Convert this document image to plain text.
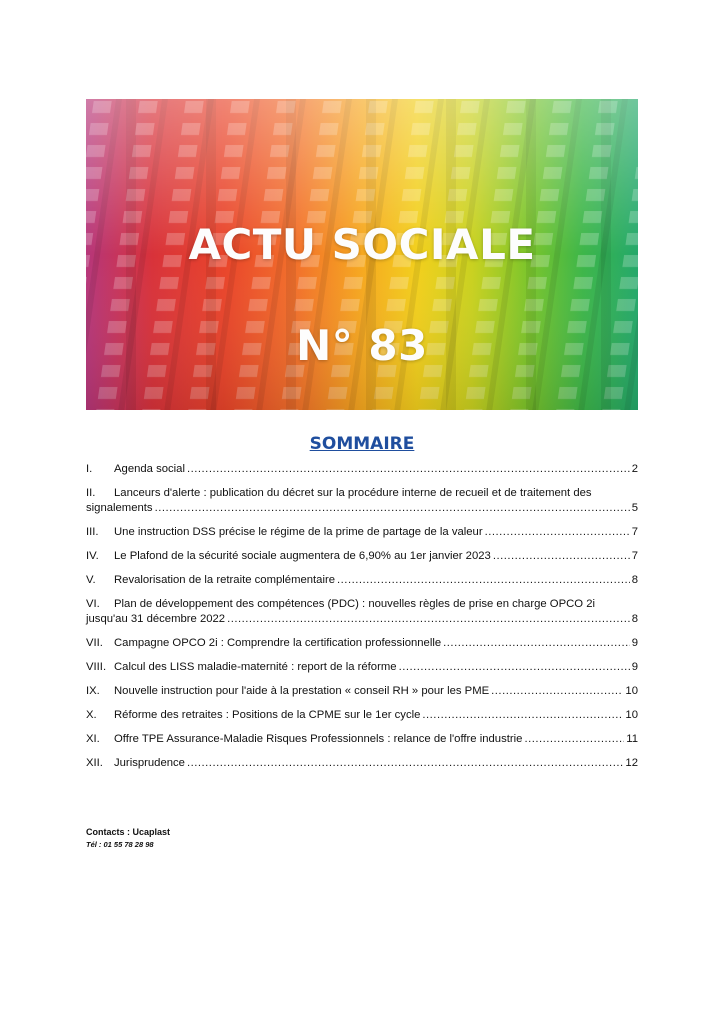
ACTU SOCIALE
N° 83
SOMMAIRE
I.	Agenda social .....	2
II.	Lanceurs d'alerte : publication du décret sur la procédure interne de recueil et de traitement des
signalements .....	5
III.	Une instruction DSS précise le régime de la prime de partage de la valeur .....	7
IV.	Le Plafond de la sécurité sociale augmentera de 6,90% au 1er janvier 2023 .....	7
V.	Revalorisation de la retraite complémentaire .....	8
VI.	Plan de développement des compétences (PDC) : nouvelles règles de prise en charge OPCO 2i
jusqu'au 31 décembre 2022 .....	8
VII. Campagne OPCO 2i : Comprendre la certification professionnelle .....	9
VIII. Calcul des LISS maladie-maternité : report de la réforme .....	9
IX.	Nouvelle instruction pour l'aide à la prestation « conseil RH » pour les PME .....	10
X.	Réforme des retraites : Positions de la CPME sur le 1er cycle .....	10
XI.	Offre TPE Assurance-Maladie Risques Professionnels : relance de l'offre industrie .....	11
XII. Jurisprudence .....	12
Contacts : Ucaplast
Tél : 01 55 78 28 98
